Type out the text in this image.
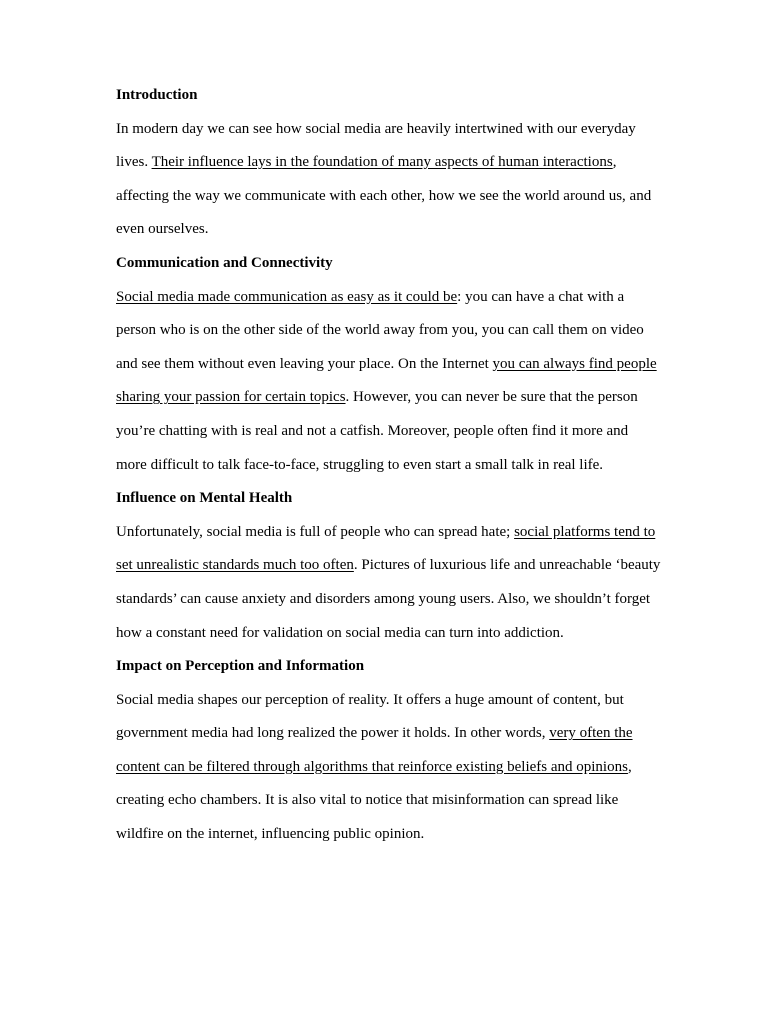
Introduction

In modern day we can see how social media are heavily intertwined with our everyday lives. Their influence lays in the foundation of many aspects of human interactions, affecting the way we communicate with each other, how we see the world around us, and even ourselves.

Communication and Connectivity

Social media made communication as easy as it could be: you can have a chat with a person who is on the other side of the world away from you, you can call them on video and see them without even leaving your place. On the Internet you can always find people sharing your passion for certain topics. However, you can never be sure that the person you’re chatting with is real and not a catfish. Moreover, people often find it more and more difficult to talk face-to-face, struggling to even start a small talk in real life.

Influence on Mental Health

Unfortunately, social media is full of people who can spread hate; social platforms tend to set unrealistic standards much too often. Pictures of luxurious life and unreachable ‘beauty standards’ can cause anxiety and disorders among young users. Also, we shouldn’t forget how a constant need for validation on social media can turn into addiction.

Impact on Perception and Information

Social media shapes our perception of reality. It offers a huge amount of content, but government media had long realized the power it holds. In other words, very often the content can be filtered through algorithms that reinforce existing beliefs and opinions, creating echo chambers. It is also vital to notice that misinformation can spread like wildfire on the internet, influencing public opinion.
